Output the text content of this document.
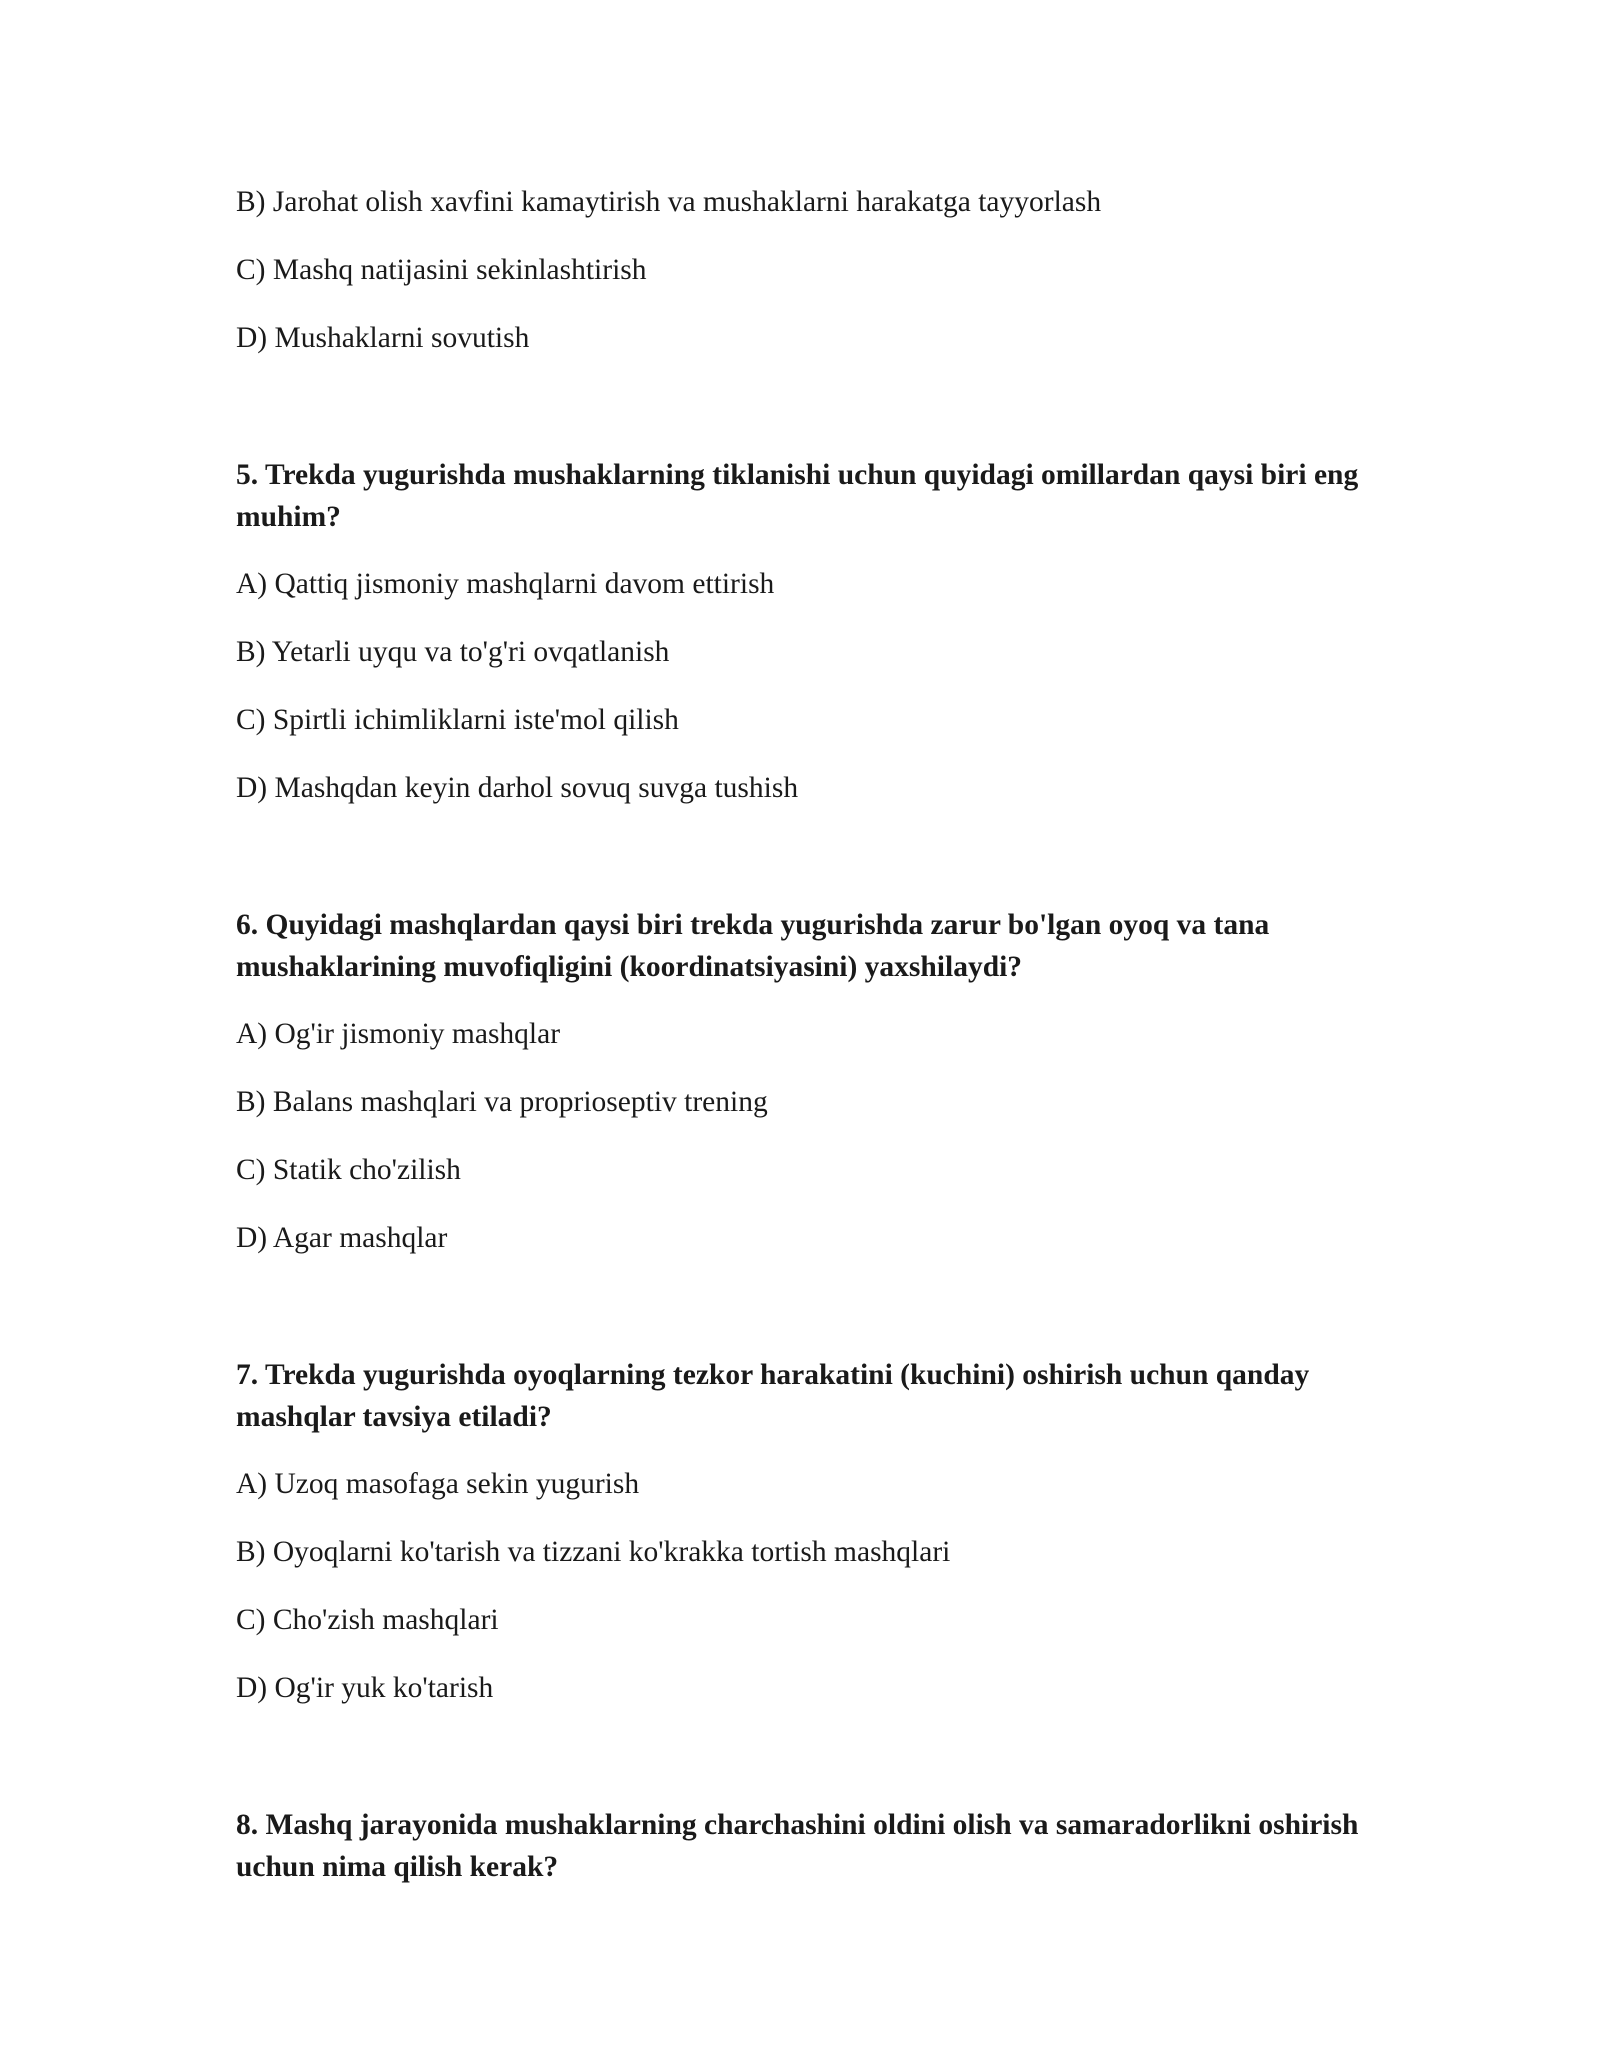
B) Jarohat olish xavfini kamaytirish va mushaklarni harakatga tayyorlash

C) Mashq natijasini sekinlashtirish

D) Mushaklarni sovutish

5. Trekda yugurishda mushaklarning tiklanishi uchun quyidagi omillardan qaysi biri eng muhim?

A) Qattiq jismoniy mashqlarni davom ettirish

B) Yetarli uyqu va to'g'ri ovqatlanish

C) Spirtli ichimliklarni iste'mol qilish

D) Mashqdan keyin darhol sovuq suvga tushish

6. Quyidagi mashqlardan qaysi biri trekda yugurishda zarur bo'lgan oyoq va tana mushaklarining muvofiqligini (koordinatsiyasini) yaxshilaydi?

A) Og'ir jismoniy mashqlar

B) Balans mashqlari va proprioseptiv trening

C) Statik cho'zilish

D) Agar mashqlar

7. Trekda yugurishda oyoqlarning tezkor harakatini (kuchini) oshirish uchun qanday mashqlar tavsiya etiladi?

A) Uzoq masofaga sekin yugurish

B) Oyoqlarni ko'tarish va tizzani ko'krakka tortish mashqlari

C) Cho'zish mashqlari

D) Og'ir yuk ko'tarish

8. Mashq jarayonida mushaklarning charchashini oldini olish va samaradorlikni oshirish uchun nima qilish kerak?
